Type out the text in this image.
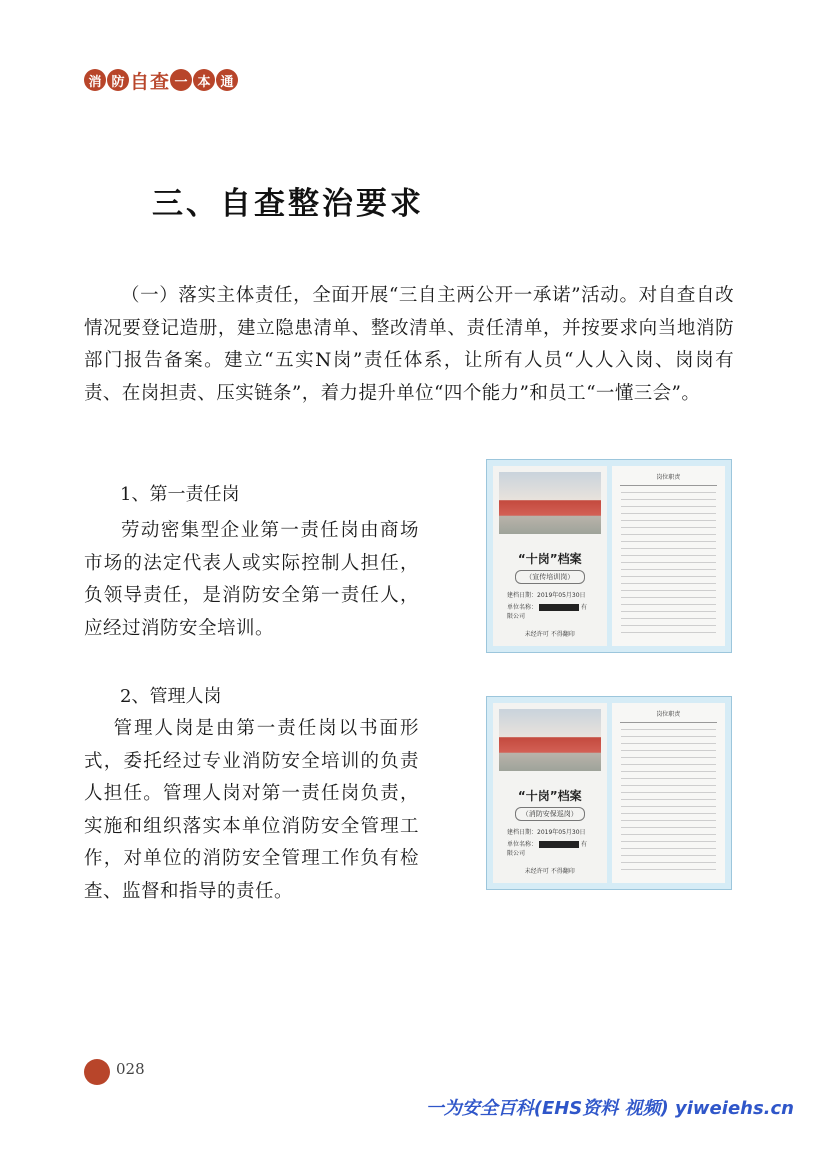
消 防 自 查 一 本 通
三、自查整治要求

（一）落实主体责任，全面开展“三自主两公开一承诺”活动。对自查自改情况要登记造册，建立隐患清单、整改清单、责任清单，并按要求向当地消防部门报告备案。建立“五实N岗”责任体系，让所有人员“人人入岗、岗岗有责、在岗担责、压实链条”，着力提升单位“四个能力”和员工“一懂三会”。

1、第一责任岗

劳动密集型企业第一责任岗由商场市场的法定代表人或实际控制人担任，负领导责任，是消防安全第一责任人，应经过消防安全培训。

“十岗”档案
（宣传培训岗）
建档日期：2019年05月30日
单位名称：	有限公司
未经许可 不得翻印
岗位职责
2、管理人岗

管理人岗是由第一责任岗以书面形式，委托经过专业消防安全培训的负责人担任。管理人岗对第一责任岗负责，实施和组织落实本单位消防安全管理工作，对单位的消防安全管理工作负有检查、监督和指导的责任。

“十岗”档案
（消防安保巡岗）
建档日期：2019年05月30日
单位名称：	有限公司
未经许可 不得翻印
岗位职责
028
一为安全百科(EHS资料 视频) yiweiehs.cn
